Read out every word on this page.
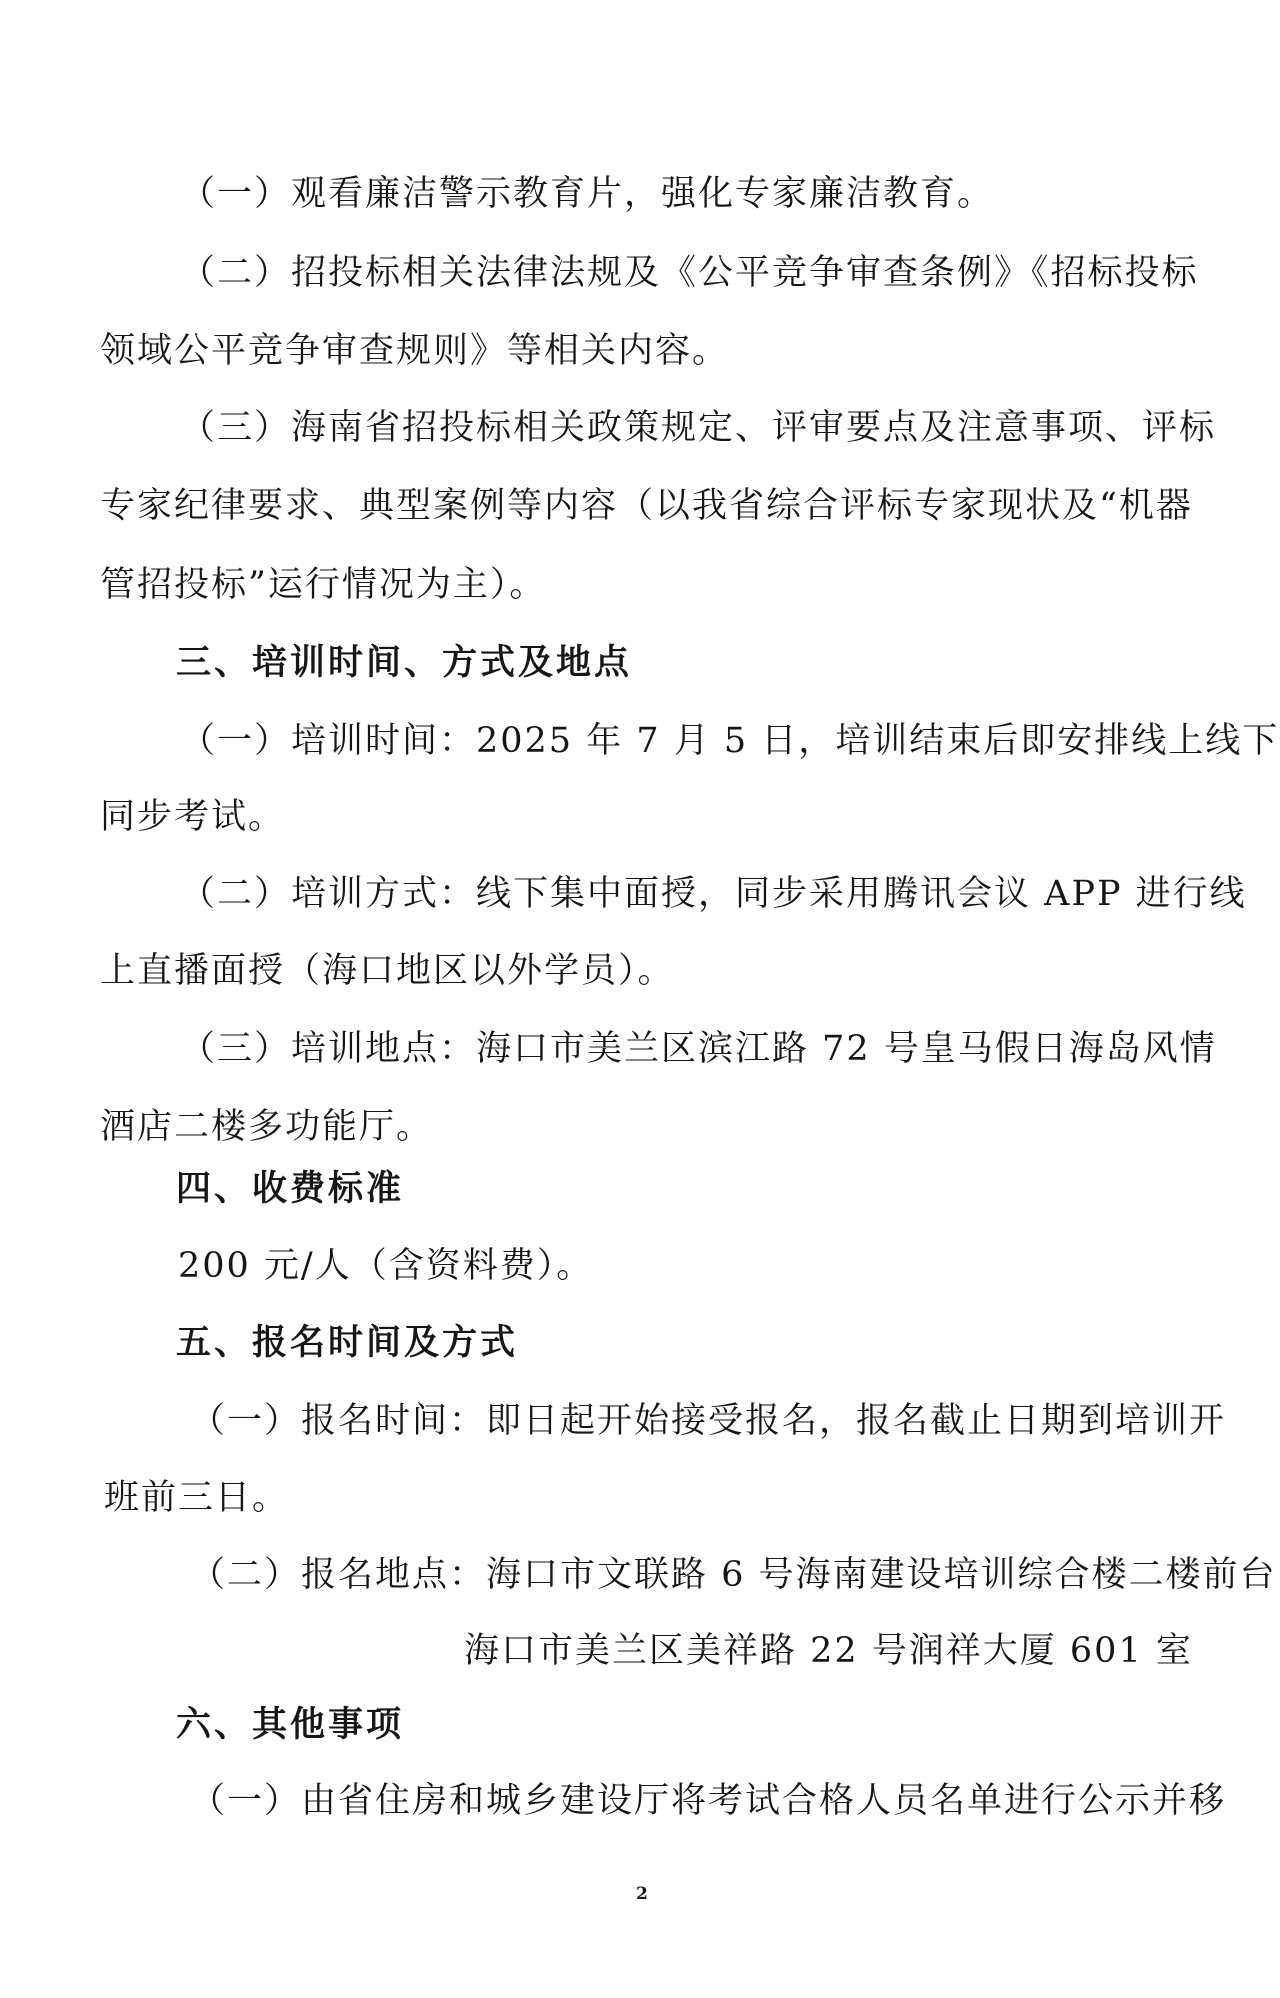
（一）观看廉洁警示教育片，强化专家廉洁教育。
（二）招投标相关法律法规及《公平竞争审查条例》《招标投标
领域公平竞争审查规则》等相关内容。
（三）海南省招投标相关政策规定、评审要点及注意事项、评标
专家纪律要求、典型案例等内容（以我省综合评标专家现状及“机器
管招投标”运行情况为主）。
三、培训时间、方式及地点
（一）培训时间：2025 年 7 月 5 日，培训结束后即安排线上线下
同步考试。
（二）培训方式：线下集中面授，同步采用腾讯会议 APP 进行线
上直播面授（海口地区以外学员）。
（三）培训地点：海口市美兰区滨江路 72 号皇马假日海岛风情
酒店二楼多功能厅。
四、收费标准
200 元/人（含资料费）。
五、报名时间及方式
（一）报名时间：即日起开始接受报名，报名截止日期到培训开
班前三日。
（二）报名地点：海口市文联路 6 号海南建设培训综合楼二楼前台
海口市美兰区美祥路 22 号润祥大厦 601 室
六、其他事项
（一）由省住房和城乡建设厅将考试合格人员名单进行公示并移
2
